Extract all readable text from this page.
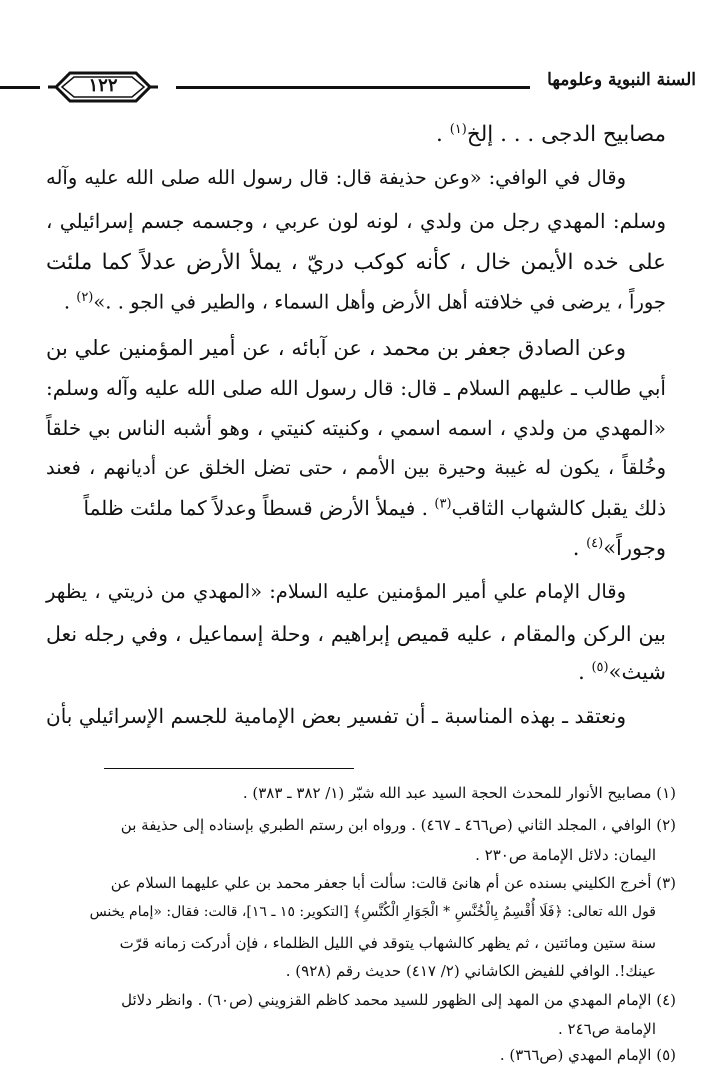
السنة النبوية وعلومها
١٢٢
مصابيح الدجى . . . إلخ$^{(١)}$ .
وقال في الوافي: «وعن حذيفة قال: قال رسول الله صلى الله عليه وآله
وسلم: المهدي رجل من ولدي ، لونه لون عربي ، وجسمه جسم إسرائيلي ،
على خده الأيمن خال ، كأنه كوكب دريّ ، يملأ الأرض عدلاً كما ملئت
جوراً ، يرضى في خلافته أهل الأرض وأهل السماء ، والطير في الجو . .»$^{(٢)}$ .
وعن الصادق جعفر بن محمد ، عن آبائه ، عن أمير المؤمنين علي بن
أبي طالب ـ عليهم السلام ـ قال: قال رسول الله صلى الله عليه وآله وسلم:
«المهدي من ولدي ، اسمه اسمي ، وكنيته كنيتي ، وهو أشبه الناس بي خلقاً
وخُلقاً ، يكون له غيبة وحيرة بين الأمم ، حتى تضل الخلق عن أديانهم ، فعند
ذلك يقبل كالشهاب الثاقب$^{(٣)}$ . فيملأ الأرض قسطاً وعدلاً كما ملئت ظلماً
وجوراً»$^{(٤)}$ .
وقال الإمام علي أمير المؤمنين عليه السلام: «المهدي من ذريتي ، يظهر
بين الركن والمقام ، عليه قميص إبراهيم ، وحلة إسماعيل ، وفي رجله نعل
شيث»$^{(٥)}$ .
ونعتقد ـ بهذه المناسبة ـ أن تفسير بعض الإمامية للجسم الإسرائيلي بأن
(١) مصابيح الأنوار للمحدث الحجة السيد عبد الله شبّر (١/ ٣٨٢ ـ ٣٨٣) .
(٢) الوافي ، المجلد الثاني (ص٤٦٦ ـ ٤٦٧) . ورواه ابن رستم الطبري بإسناده إلى حذيفة بن
اليمان: دلائل الإمامة ص٢٣٠ .
(٣) أخرج الكليني بسنده عن أم هانئ قالت: سألت أبا جعفر محمد بن علي عليهما السلام عن
قول الله تعالى: ﴿فَلَا أُقْسِمُ بِالْخُنَّسِ * الْجَوَارِ الْكُنَّسِ﴾ [التكوير: ١٥ ـ ١٦]، قالت: فقال: «إمام يخنس
سنة ستين ومائتين ، ثم يظهر كالشهاب يتوقد في الليل الظلماء ، فإن أدركت زمانه قرّت
عينك!. الوافي للفيض الكاشاني (٢/ ٤١٧) حديث رقم (٩٢٨) .
(٤) الإمام المهدي من المهد إلى الظهور للسيد محمد كاظم القزويني (ص٦٠) . وانظر دلائل
الإمامة ص٢٤٦ .
(٥) الإمام المهدي (ص٣٦٦) .
